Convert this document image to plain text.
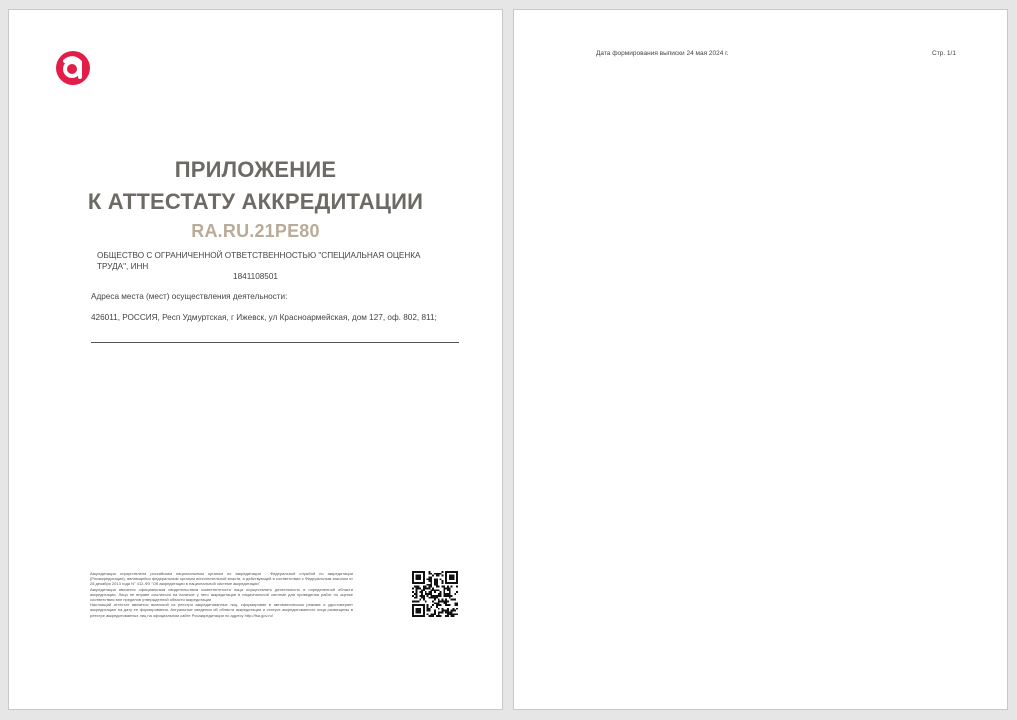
ПРИЛОЖЕНИЕ
К АТТЕСТАТУ АККРЕДИТАЦИИ
RA.RU.21PE80
ОБЩЕСТВО С ОГРАНИЧЕННОЙ ОТВЕТСТВЕННОСТЬЮ "СПЕЦИАЛЬНАЯ ОЦЕНКА ТРУДА", ИНН
1841108501
Адреса места (мест) осуществления деятельности:
426011, РОССИЯ, Респ Удмуртская, г Ижевск, ул Красноармейская, дом 127, оф. 802, 811;

Аккредитация осуществлена российским национальным органом по аккредитации - Федеральной службой по аккредитации (Росаккредитация), являющейся федеральным органом исполнительной власти, и действующей в соответствии с Федеральным законом от 28 декабря 2013 года N° 412-ФЗ "Об аккредитации в национальной системе аккредитации"

Аккредитация является официальным свидетельством компетентности лица осуществлять деятельность в определенной области аккредитации. Лицо не вправе ссылаться на наличие у него аккредитации в национальной системе для проведения работ по оценке соответствия вне пределов утвержденной области аккредитации

Настоящий аттестат является выпиской из реестра аккредитованных лиц, сформирован в автоматическом режиме и удостоверяет аккредитацию на дату ее формирования. Актуальные сведения об области аккредитации и статусе аккредитованного лица размещены в реестре аккредитованных лиц на официальном сайте Росаккредитации по адресу http://fsa.gov.ru/

Дата формирования выписки 24 мая 2024 г.	Стр. 1/1
